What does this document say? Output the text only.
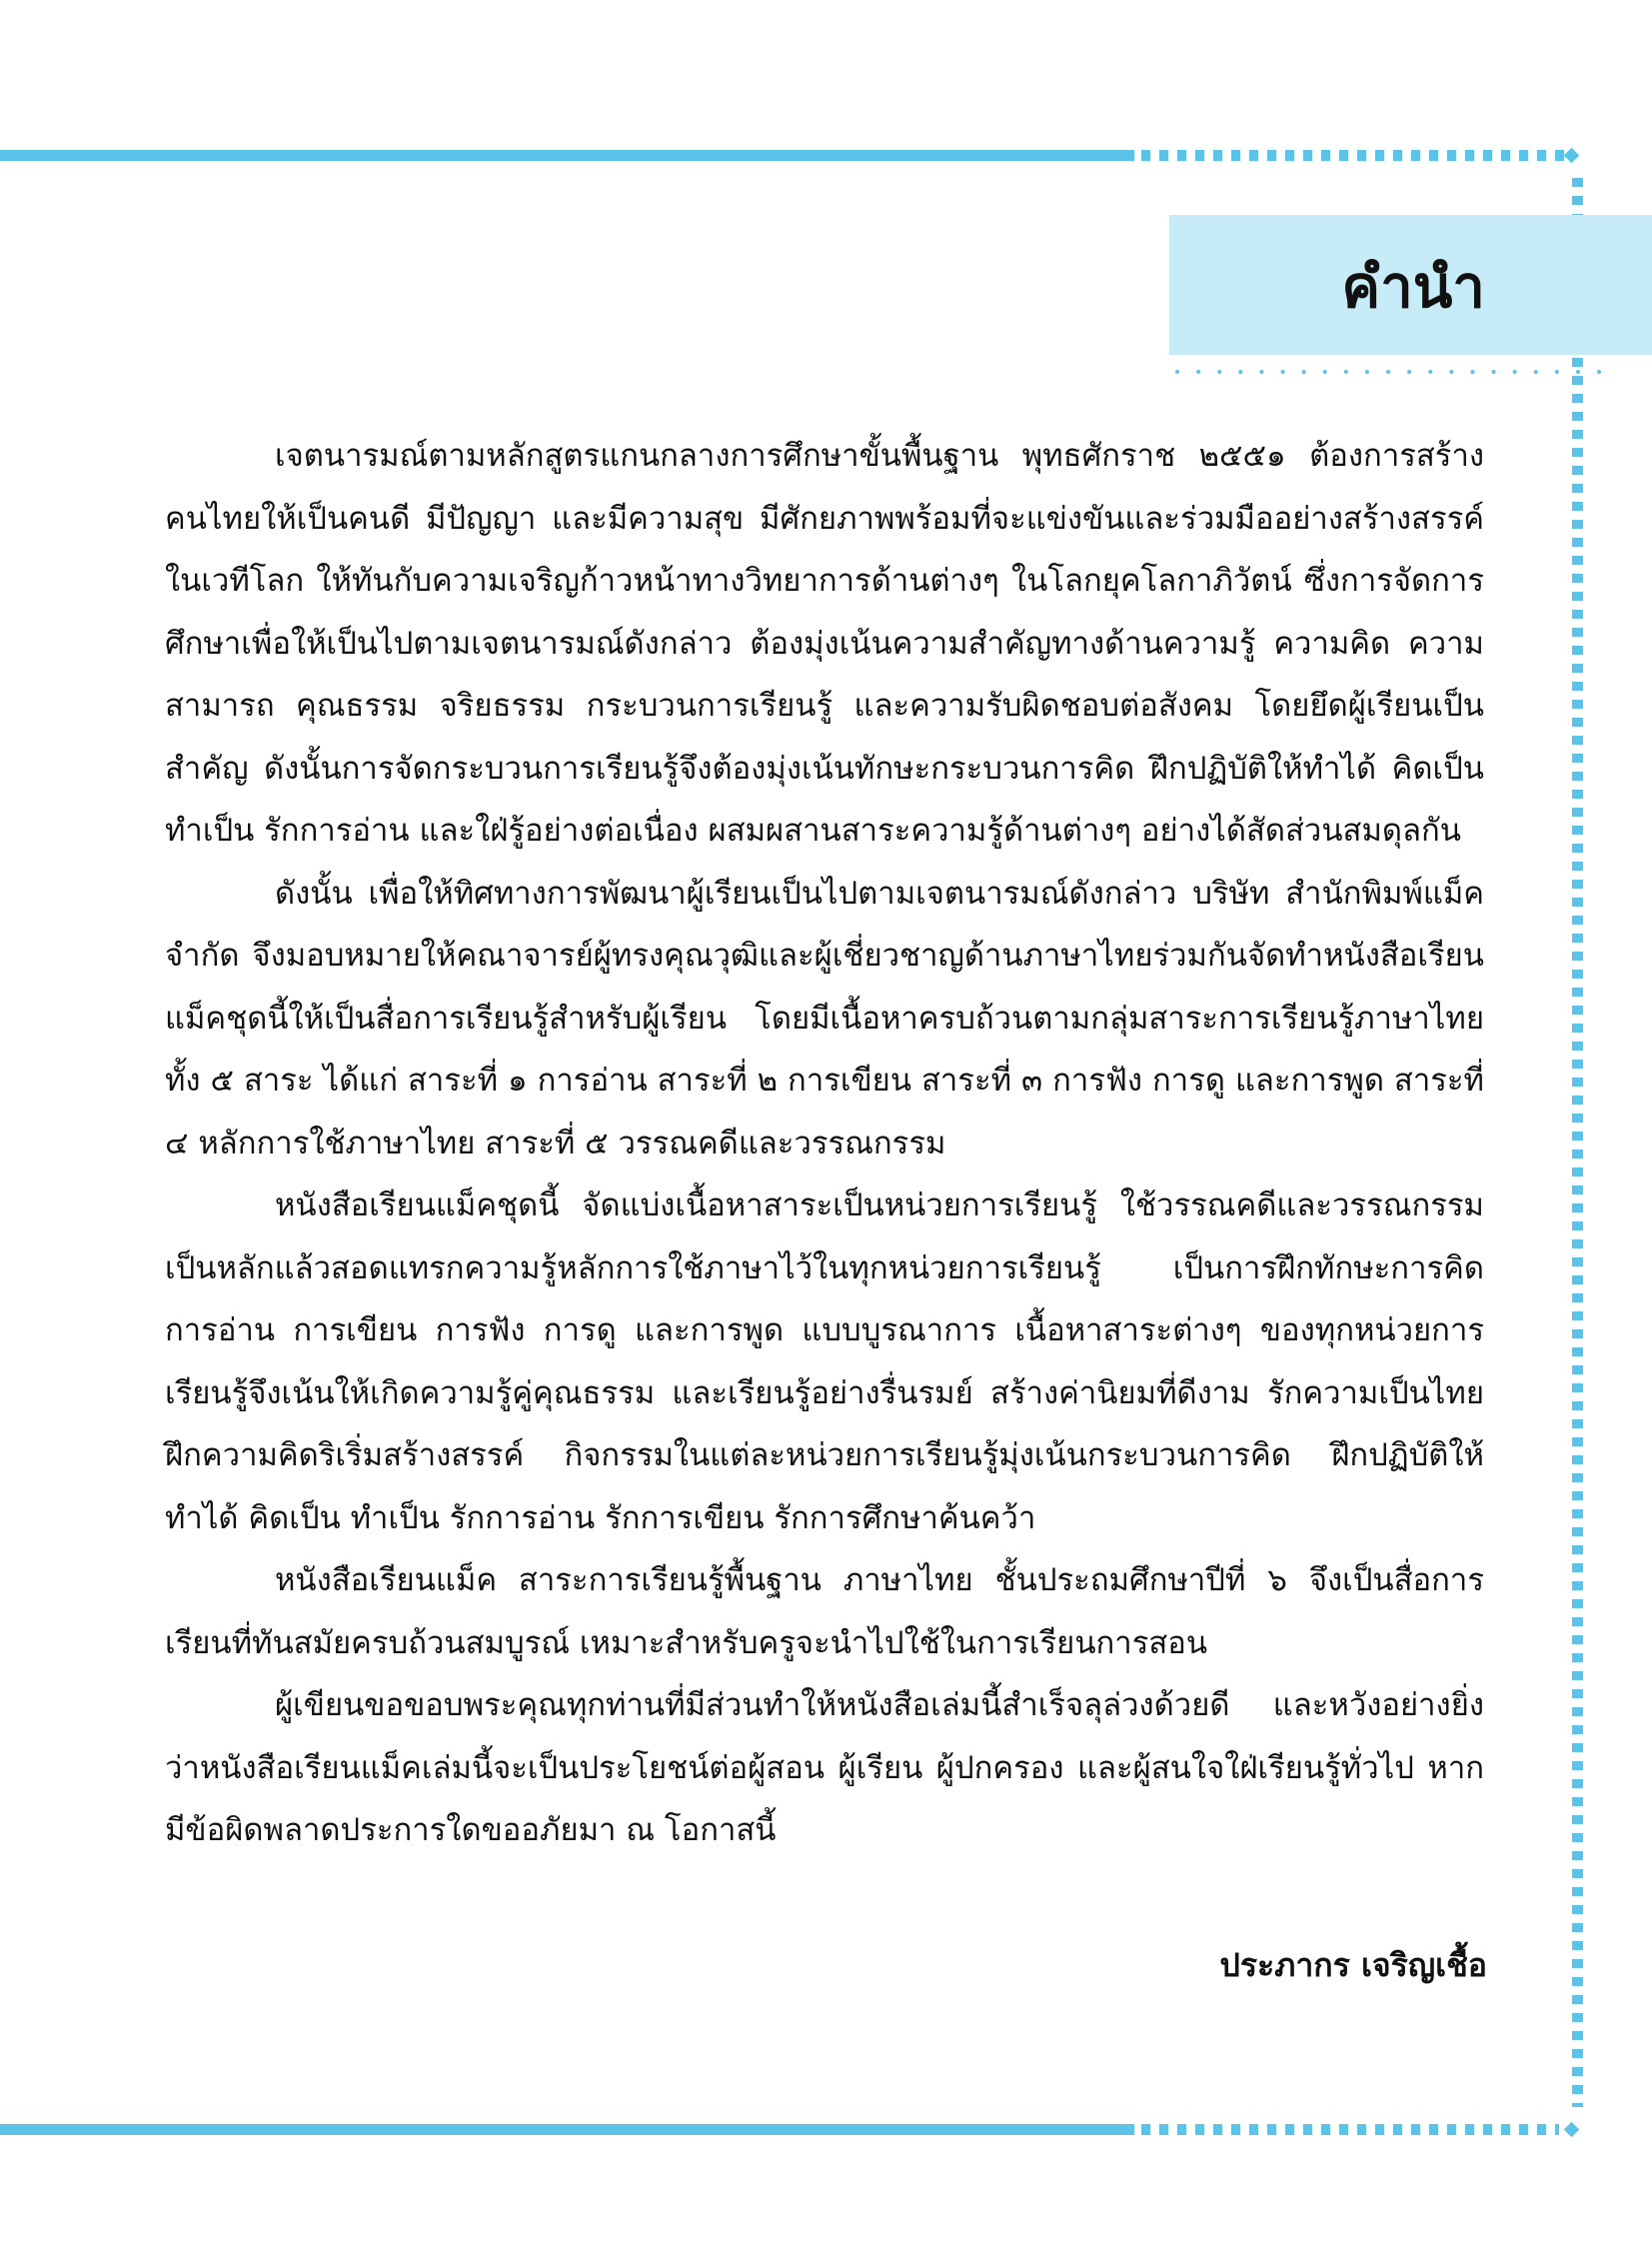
คำนำ

เจตนารมณ์ตามหลักสูตรแกนกลางการศึกษาขั้นพื้นฐาน พุทธศักราช ๒๕๕๑ ต้องการสร้างคนไทยให้เป็นคนดี มีปัญญา และมีความสุข มีศักยภาพพร้อมที่จะแข่งขันและร่วมมืออย่างสร้างสรรค์ในเวทีโลก ให้ทันกับความเจริญก้าวหน้าทางวิทยาการด้านต่างๆ ในโลกยุคโลกาภิวัตน์ ซึ่งการจัดการศึกษาเพื่อให้เป็นไปตามเจตนารมณ์ดังกล่าว ต้องมุ่งเน้นความสำคัญทางด้านความรู้ ความคิด ความสามารถ คุณธรรม จริยธรรม กระบวนการเรียนรู้ และความรับผิดชอบต่อสังคม โดยยึดผู้เรียนเป็นสำคัญ ดังนั้นการจัดกระบวนการเรียนรู้จึงต้องมุ่งเน้นทักษะกระบวนการคิด ฝึกปฏิบัติให้ทำได้ คิดเป็น ทำเป็น รักการอ่าน และใฝ่รู้อย่างต่อเนื่อง ผสมผสานสาระความรู้ด้านต่างๆ อย่างได้สัดส่วนสมดุลกัน

ดังนั้น เพื่อให้ทิศทางการพัฒนาผู้เรียนเป็นไปตามเจตนารมณ์ดังกล่าว บริษัท สำนักพิมพ์แม็ค จำกัด จึงมอบหมายให้คณาจารย์ผู้ทรงคุณวุฒิและผู้เชี่ยวชาญด้านภาษาไทยร่วมกันจัดทำหนังสือเรียนแม็คชุดนี้ให้เป็นสื่อการเรียนรู้สำหรับผู้เรียน โดยมีเนื้อหาครบถ้วนตามกลุ่มสาระการเรียนรู้ภาษาไทยทั้ง ๕ สาระ ได้แก่ สาระที่ ๑ การอ่าน สาระที่ ๒ การเขียน สาระที่ ๓ การฟัง การดู และการพูด สาระที่ ๔ หลักการใช้ภาษาไทย สาระที่ ๕ วรรณคดีและวรรณกรรม

หนังสือเรียนแม็คชุดนี้ จัดแบ่งเนื้อหาสาระเป็นหน่วยการเรียนรู้ ใช้วรรณคดีและวรรณกรรมเป็นหลักแล้วสอดแทรกความรู้หลักการใช้ภาษาไว้ในทุกหน่วยการเรียนรู้ เป็นการฝึกทักษะการคิด การอ่าน การเขียน การฟัง การดู และการพูด แบบบูรณาการ เนื้อหาสาระต่างๆ ของทุกหน่วยการเรียนรู้จึงเน้นให้เกิดความรู้คู่คุณธรรม และเรียนรู้อย่างรื่นรมย์ สร้างค่านิยมที่ดีงาม รักความเป็นไทย ฝึกความคิดริเริ่มสร้างสรรค์ กิจกรรมในแต่ละหน่วยการเรียนรู้มุ่งเน้นกระบวนการคิด ฝึกปฏิบัติให้ทำได้ คิดเป็น ทำเป็น รักการอ่าน รักการเขียน รักการศึกษาค้นคว้า

หนังสือเรียนแม็ค สาระการเรียนรู้พื้นฐาน ภาษาไทย ชั้นประถมศึกษาปีที่ ๖ จึงเป็นสื่อการเรียนที่ทันสมัยครบถ้วนสมบูรณ์ เหมาะสำหรับครูจะนำไปใช้ในการเรียนการสอน

ผู้เขียนขอขอบพระคุณทุกท่านที่มีส่วนทำให้หนังสือเล่มนี้สำเร็จลุล่วงด้วยดี และหวังอย่างยิ่งว่าหนังสือเรียนแม็คเล่มนี้จะเป็นประโยชน์ต่อผู้สอน ผู้เรียน ผู้ปกครอง และผู้สนใจใฝ่เรียนรู้ทั่วไป หากมีข้อผิดพลาดประการใดขออภัยมา ณ โอกาสนี้

ประภากร เจริญเชื้อ
